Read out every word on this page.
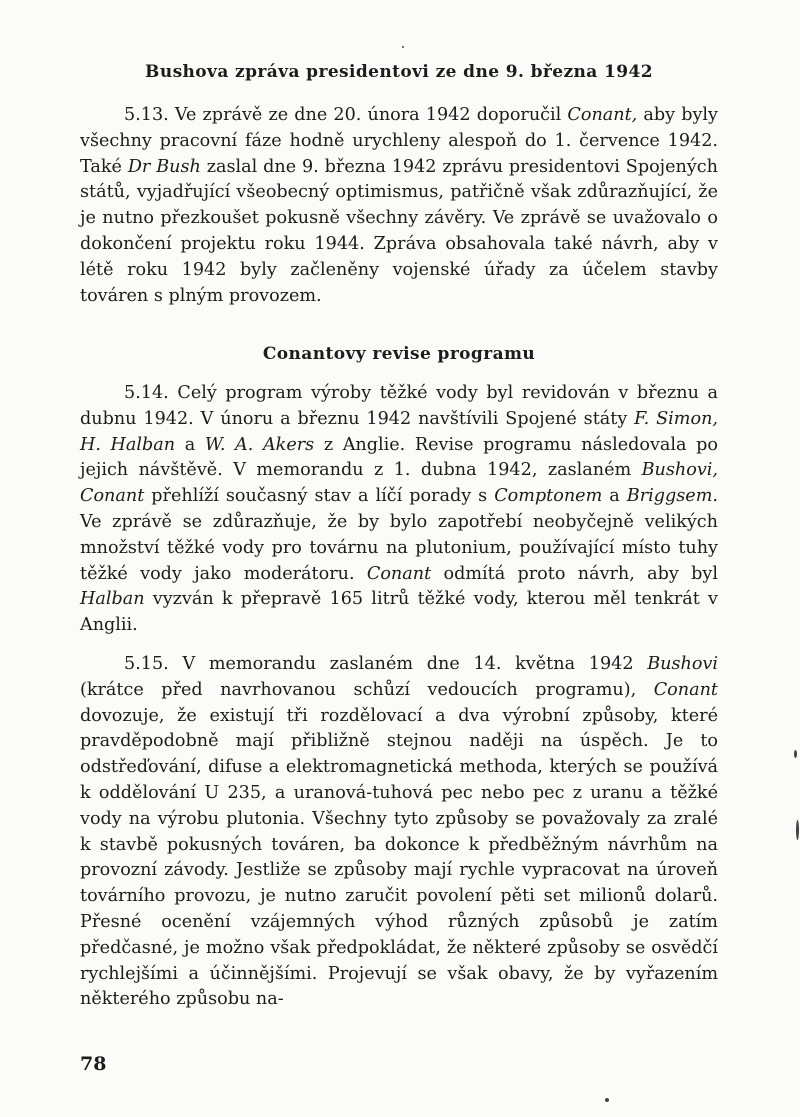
Bushova zpráva presidentovi ze dne 9. března 1942

5.13. Ve zprávě ze dne 20. února 1942 doporučil Conant, aby byly všechny pracovní fáze hodně urychleny alespoň do 1. července 1942. Také Dr Bush zaslal dne 9. března 1942 zprávu presidentovi Spojených států, vyjadřující všeobecný optimismus, patřičně však zdůrazňující, že je nutno přezkoušet pokusně všechny závěry. Ve zprávě se uvažovalo o dokončení projektu roku 1944. Zpráva obsahovala také návrh, aby v létě roku 1942 byly začleněny vojenské úřady za účelem stavby továren s plným provozem.

Conantovy revise programu

5.14. Celý program výroby těžké vody byl revidován v březnu a dubnu 1942. V únoru a březnu 1942 navštívili Spojené státy F. Simon, H. Halban a W. A. Akers z Anglie. Revise programu následovala po jejich návštěvě. V memorandu z 1. dubna 1942, zaslaném Bushovi, Conant přehlíží současný stav a líčí porady s Comptonem a Briggsem. Ve zprávě se zdůrazňuje, že by bylo zapotřebí neobyčejně velikých množství těžké vody pro továrnu na plutonium, používající místo tuhy těžké vody jako moderátoru. Conant odmítá proto návrh, aby byl Halban vyzván k přepravě 165 litrů těžké vody, kterou měl tenkrát v Anglii.

5.15. V memorandu zaslaném dne 14. května 1942 Bushovi (krátce před navrhovanou schůzí vedoucích programu), Conant dovozuje, že existují tři rozdělovací a dva výrobní způsoby, které pravděpodobně mají přibližně stejnou naději na úspěch. Je to odstřeďování, difuse a elektromagnetická methoda, kterých se používá k oddělování U 235, a uranová-tuhová pec nebo pec z uranu a těžké vody na výrobu plutonia. Všechny tyto způsoby se považovaly za zralé k stavbě pokusných továren, ba dokonce k předběžným návrhům na provozní závody. Jestliže se způsoby mají rychle vypracovat na úroveň továrního provozu, je nutno zaručit povolení pěti set milionů dolarů. Přesné ocenění vzájemných výhod různých způsobů je zatím předčasné, je možno však předpokládat, že některé způsoby se osvědčí rychlejšími a účinnějšími. Projevují se však obavy, že by vyřazením některého způsobu na-

78
